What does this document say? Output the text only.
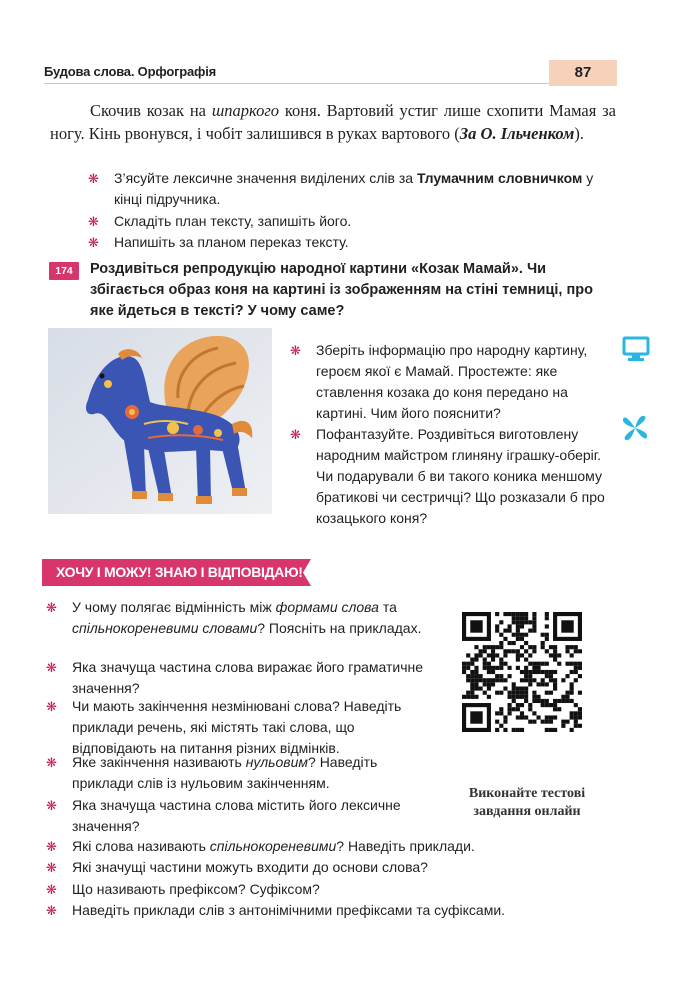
Будова слова. Орфографія	87
Скочив козак на шпаркого коня. Вартовий устиг лише схопити Мамая за ногу. Кінь рвонувся, і чобіт залишився в руках вартового (За О. Ільченком).
❋	З’ясуйте лексичне значення виділених слів за Тлумачним словничком у кінці підручника.
❋	Складіть план тексту, запишіть його.
❋	Напишіть за планом переказ тексту.
174	Роздивіться репродукцію народної картини «Козак Мамай». Чи збігається образ коня на картині із зображенням на стіні темниці, про яке йдеться в тексті? У чому саме?
❋	Зберіть інформацію про народну картину, героєм якої є Мамай. Простежте: яке ставлення козака до коня передано на картині. Чим його пояснити?
❋	Пофантазуйте. Роздивіться виготовлену народним майстром глиняну іграшку-оберіг. Чи подарували б ви такого коника меншому братикові чи сестричці? Що розказали б про козацького коня?
ХОЧУ І МОЖУ! ЗНАЮ І ВІДПОВІДАЮ!
❋	У чому полягає відмінність між формами слова та спільнокореневими словами? Поясніть на прикладах.
❋	Яка значуща частина слова виражає його граматичне значення?
❋	Чи мають закінчення незмінювані слова? Наведіть приклади речень, які містять такі слова, що відповідають на питання різних відмінків.
❋	Яке закінчення називають нульовим? Наведіть приклади слів із нульовим закінченням.
❋	Яка значуща частина слова містить його лексичне значення?
❋	Які слова називають спільнокореневими? Наведіть приклади.
❋	Які значущі частини можуть входити до основи слова?
❋	Що називають префіксом? Суфіксом?
❋	Наведіть приклади слів з антонімічними префіксами та суфіксами.
Виконайте тестові завдання онлайн
